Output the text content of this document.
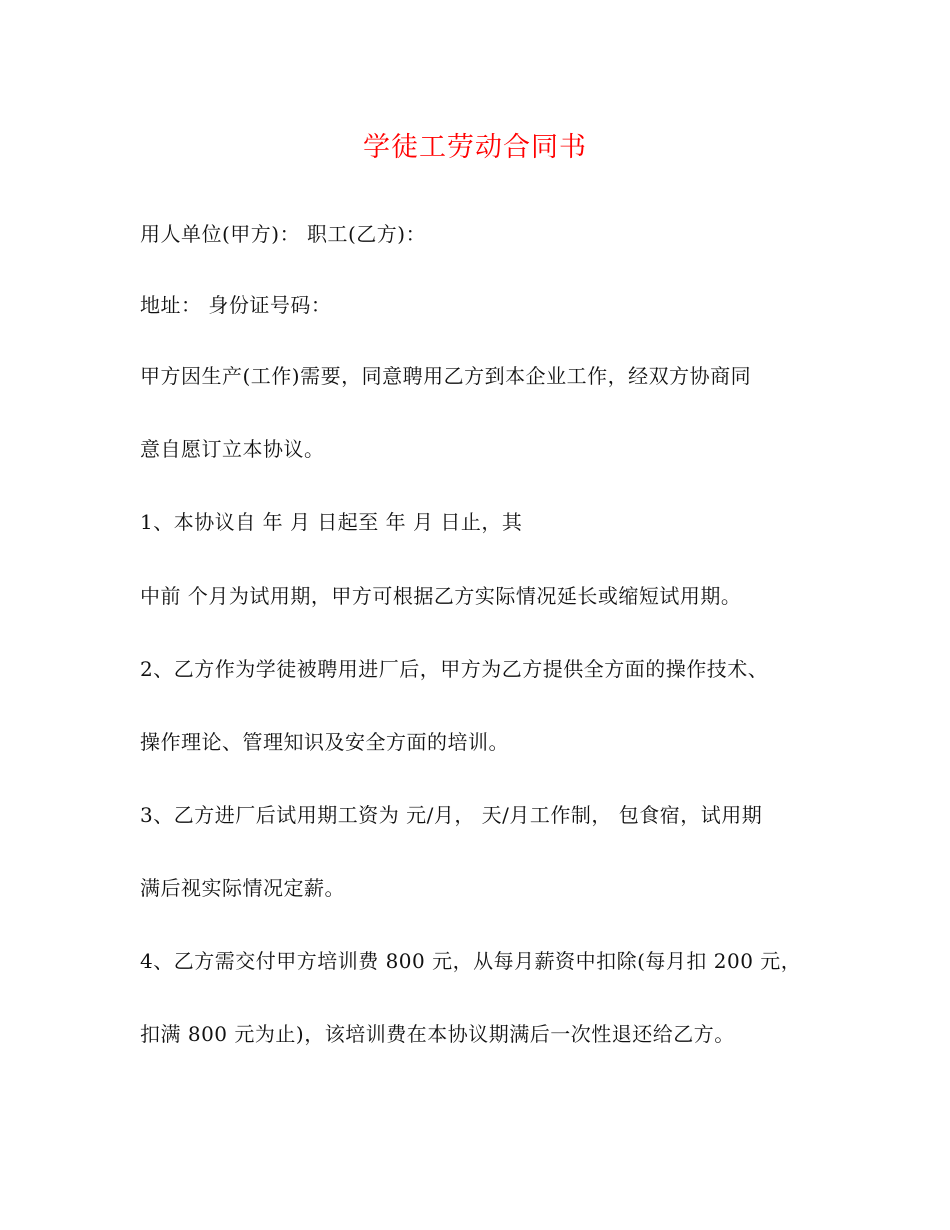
学徒工劳动合同书

用人单位(甲方)： 职工(乙方)：

地址： 身份证号码：

甲方因生产(工作)需要，同意聘用乙方到本企业工作，经双方协商同

意自愿订立本协议。

1、本协议自 年 月 日起至 年 月 日止，其

中前 个月为试用期，甲方可根据乙方实际情况延长或缩短试用期。

2、乙方作为学徒被聘用进厂后，甲方为乙方提供全方面的操作技术、

操作理论、管理知识及安全方面的培训。

3、乙方进厂后试用期工资为 元/月， 天/月工作制， 包食宿，试用期

满后视实际情况定薪。

4、乙方需交付甲方培训费 800 元，从每月薪资中扣除(每月扣 200 元，

扣满 800 元为止)，该培训费在本协议期满后一次性退还给乙方。
